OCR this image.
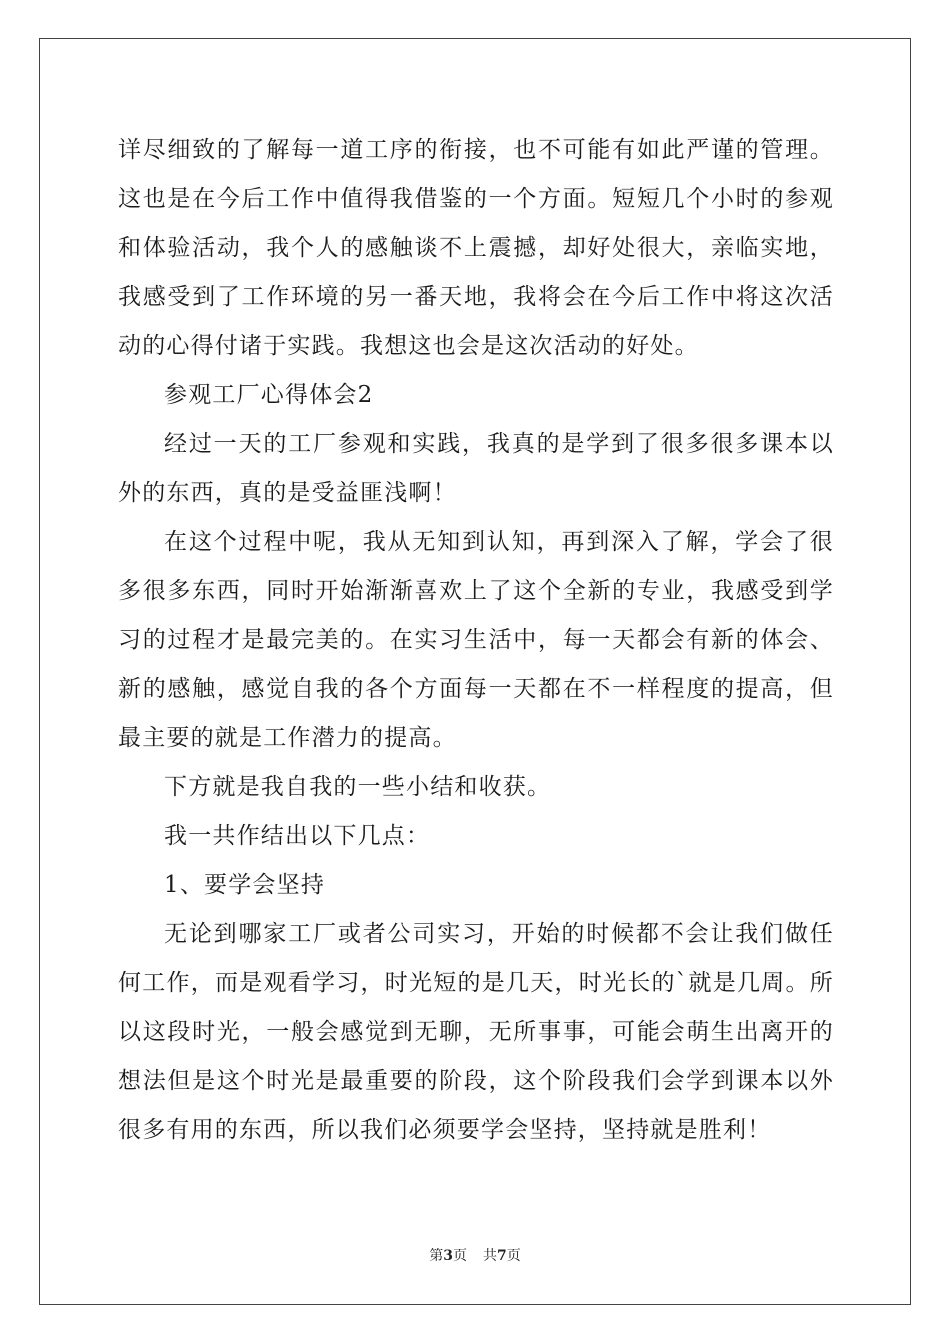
详尽细致的了解每一道工序的衔接，也不可能有如此严谨的管理。这也是在今后工作中值得我借鉴的一个方面。短短几个小时的参观和体验活动，我个人的感触谈不上震撼，却好处很大，亲临实地，我感受到了工作环境的另一番天地，我将会在今后工作中将这次活动的心得付诸于实践。我想这也会是这次活动的好处。

参观工厂心得体会2

经过一天的工厂参观和实践，我真的是学到了很多很多课本以外的东西，真的是受益匪浅啊！

在这个过程中呢，我从无知到认知，再到深入了解，学会了很多很多东西，同时开始渐渐喜欢上了这个全新的专业，我感受到学习的过程才是最完美的。在实习生活中，每一天都会有新的体会、新的感触，感觉自我的各个方面每一天都在不一样程度的提高，但最主要的就是工作潜力的提高。

下方就是我自我的一些小结和收获。

我一共作结出以下几点：

1、要学会坚持

无论到哪家工厂或者公司实习，开始的时候都不会让我们做任何工作，而是观看学习，时光短的是几天，时光长的`就是几周。所以这段时光，一般会感觉到无聊，无所事事，可能会萌生出离开的想法但是这个时光是最重要的阶段，这个阶段我们会学到课本以外很多有用的东西，所以我们必须要学会坚持，坚持就是胜利！

第3页 共7页
